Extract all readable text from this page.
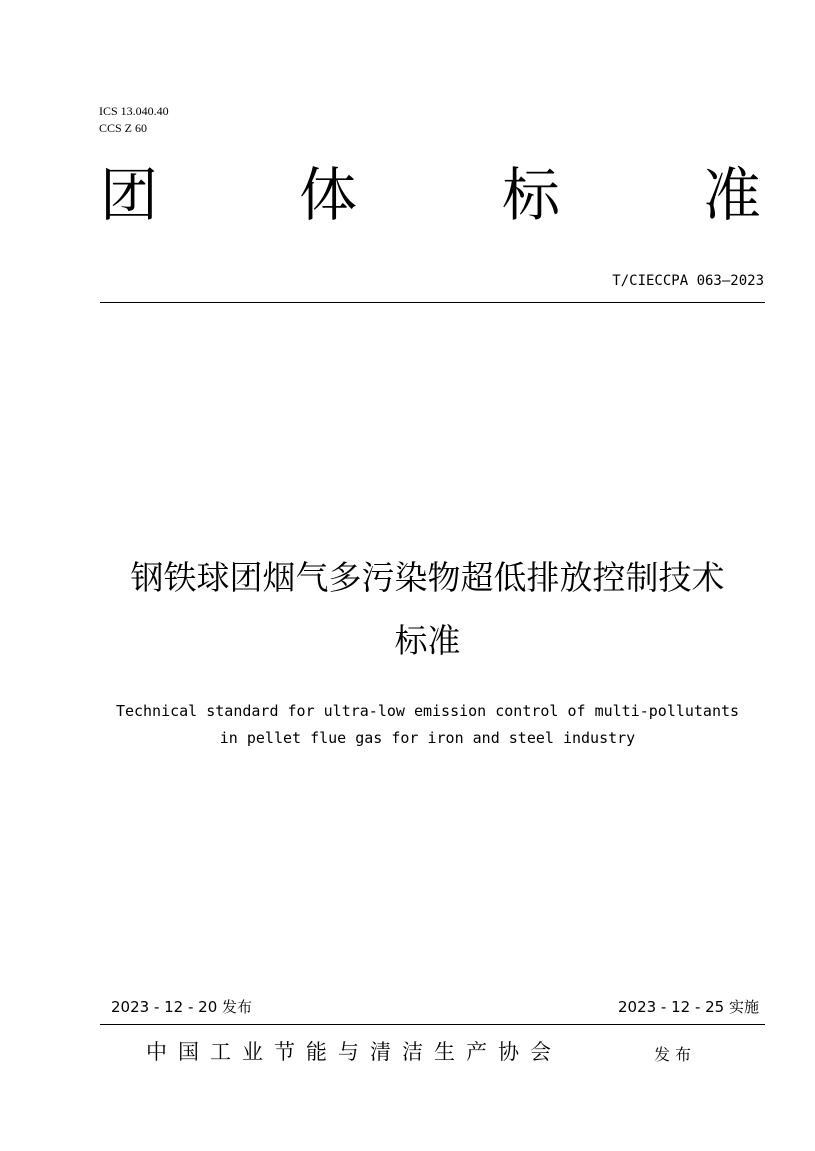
ICS 13.040.40
CCS Z 60
团 体 标 准
T/CIECCPA 063—2023
钢铁球团烟气多污染物超低排放控制技术
标准
Technical standard for ultra-low emission control of multi-pollutants
in pellet flue gas for iron and steel industry
2023 - 12 - 20 发布	2023 - 12 - 25 实施
中国工业节能与清洁生产协会	发布
